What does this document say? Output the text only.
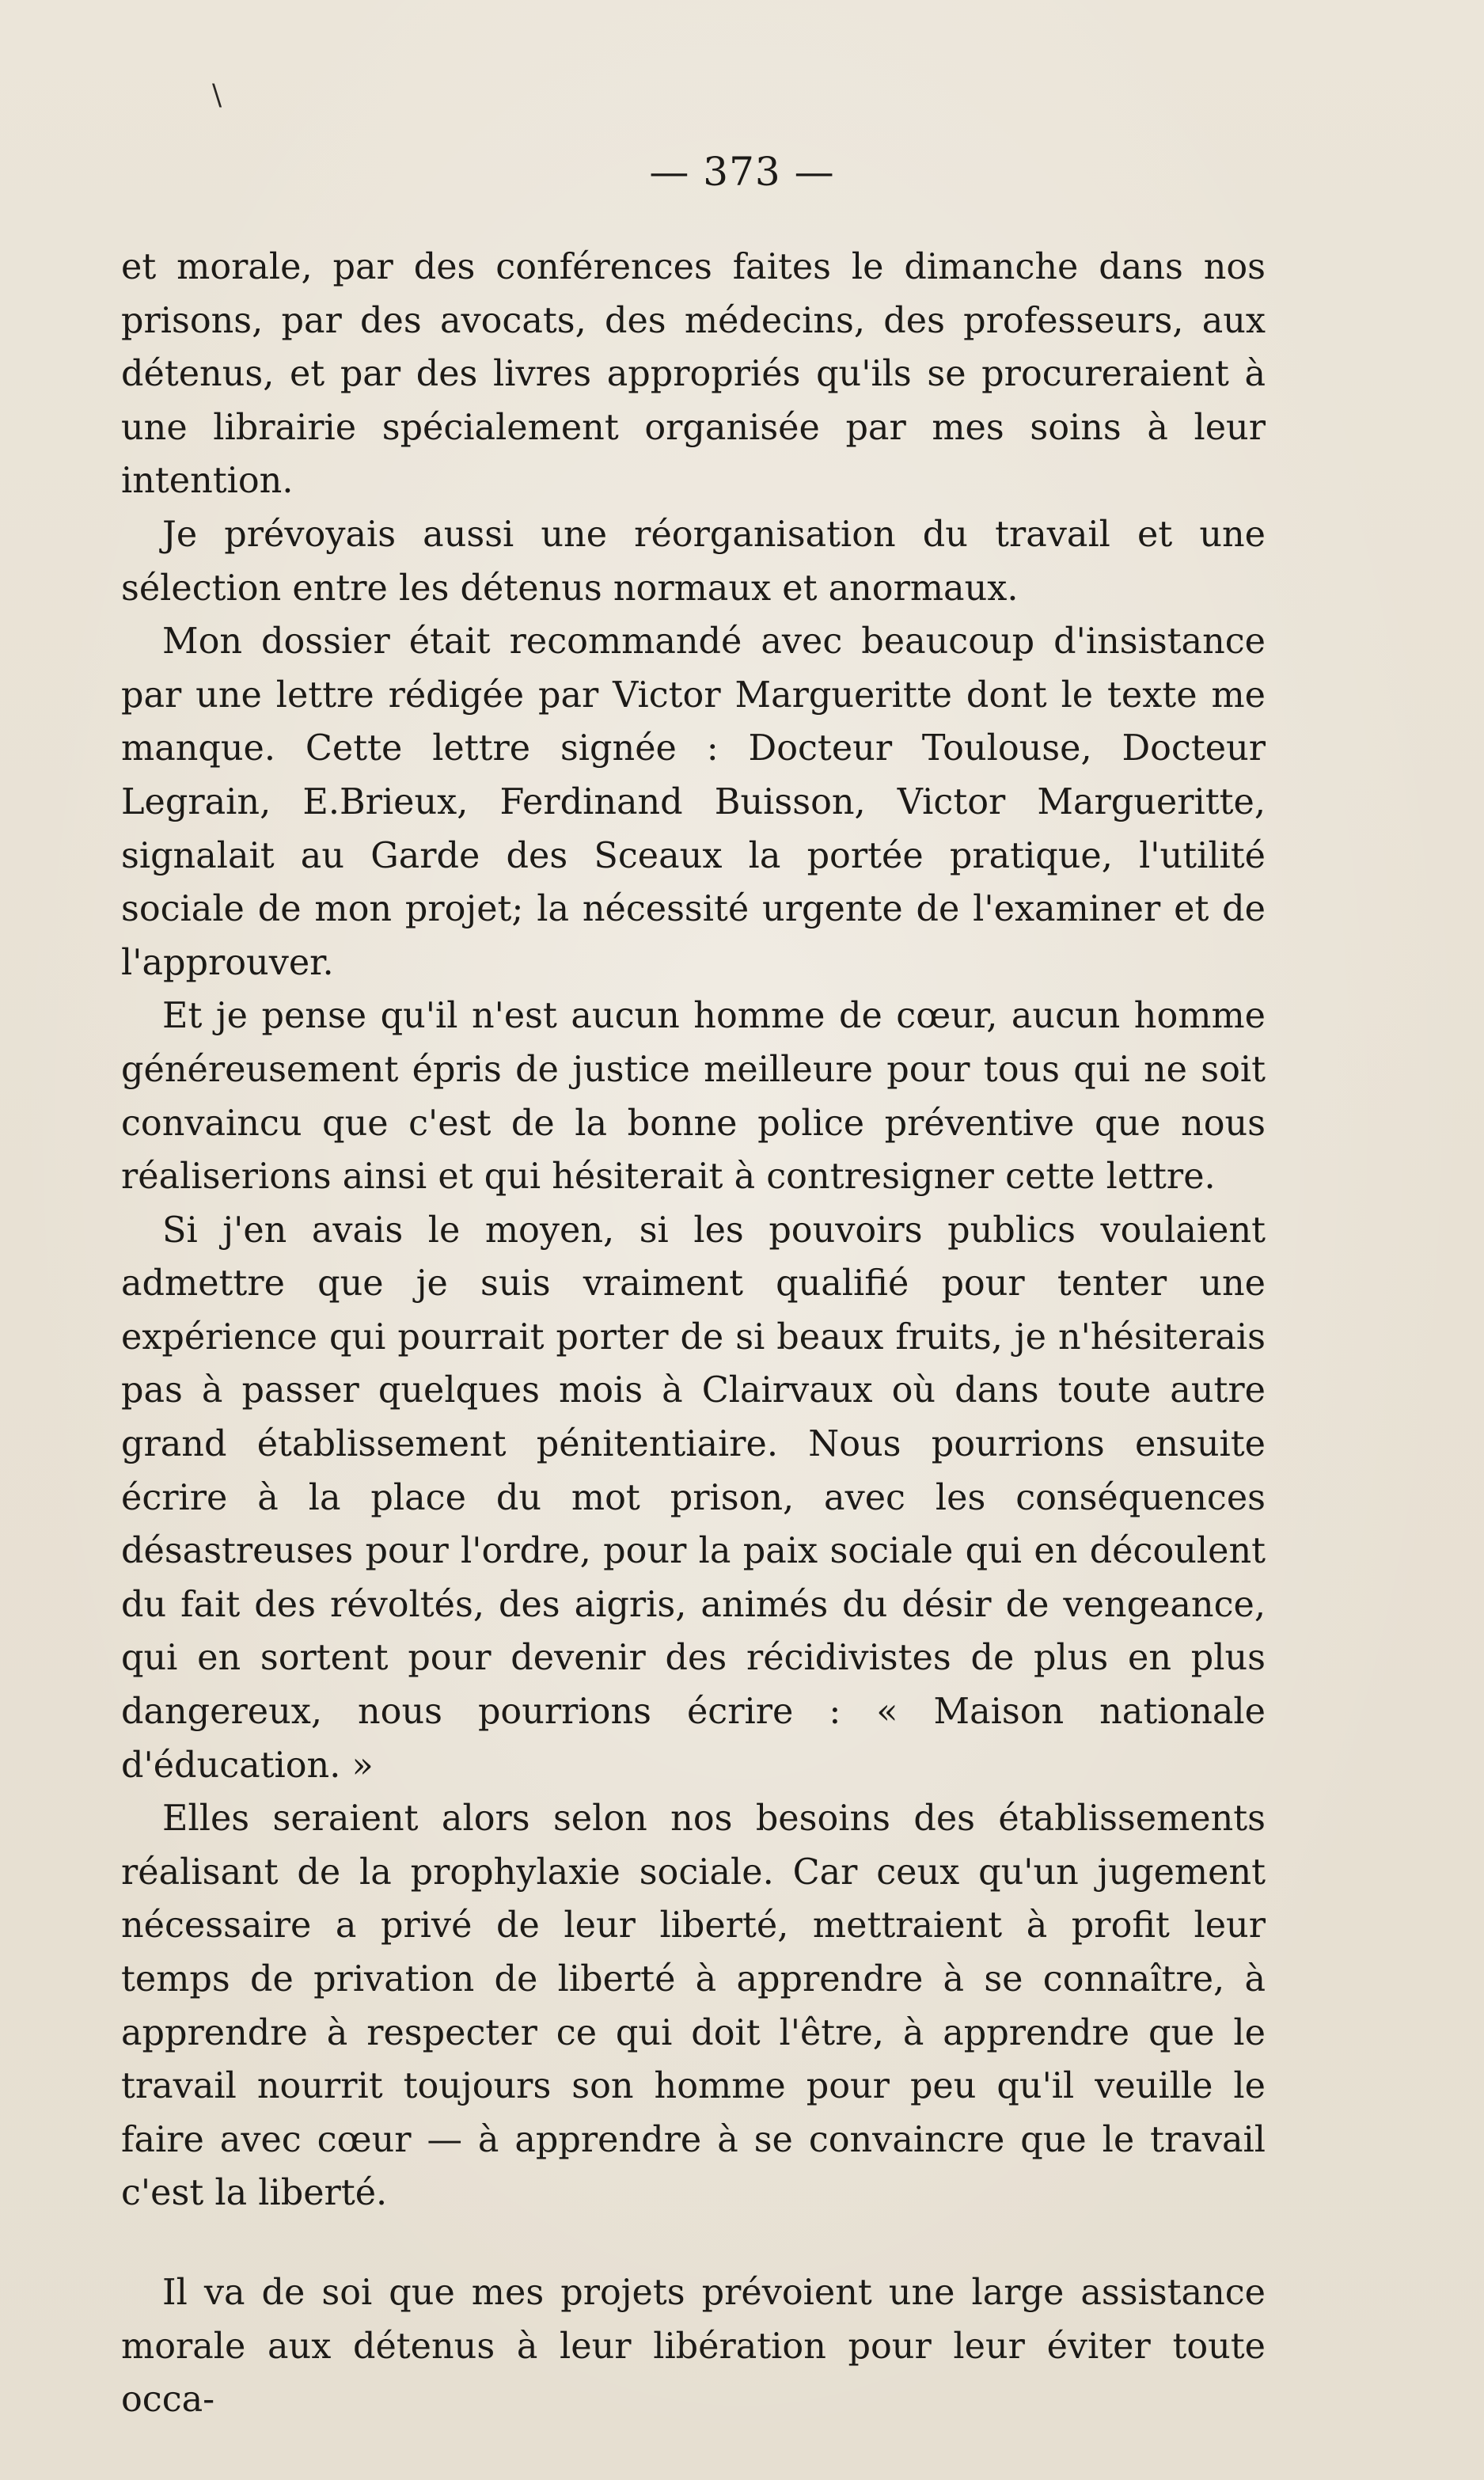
\
— 373 —

et morale, par des conférences faites le dimanche dans nos prisons, par des avocats, des médecins, des professeurs, aux détenus, et par des livres appropriés qu'ils se procureraient à une librairie spécialement organisée par mes soins à leur intention.

Je prévoyais aussi une réorganisation du travail et une sélection entre les détenus normaux et anormaux.

Mon dossier était recommandé avec beaucoup d'insistance par une lettre rédigée par Victor Margueritte dont le texte me manque. Cette lettre signée : Docteur Toulouse, Docteur Legrain, E.Brieux, Ferdinand Buisson, Victor Margueritte, signalait au Garde des Sceaux la portée pratique, l'utilité sociale de mon projet; la nécessité urgente de l'examiner et de l'approuver.

Et je pense qu'il n'est aucun homme de cœur, aucun homme généreusement épris de justice meilleure pour tous qui ne soit convaincu que c'est de la bonne police préventive que nous réaliserions ainsi et qui hésiterait à contresigner cette lettre.

Si j'en avais le moyen, si les pouvoirs publics voulaient admettre que je suis vraiment qualifié pour tenter une expérience qui pourrait porter de si beaux fruits, je n'hésiterais pas à passer quelques mois à Clairvaux où dans toute autre grand établissement pénitentiaire. Nous pourrions ensuite écrire à la place du mot prison, avec les conséquences désastreuses pour l'ordre, pour la paix sociale qui en découlent du fait des révoltés, des aigris, animés du désir de vengeance, qui en sortent pour devenir des récidivistes de plus en plus dangereux, nous pourrions écrire : « Maison nationale d'éducation. »

Elles seraient alors selon nos besoins des établissements réalisant de la prophylaxie sociale. Car ceux qu'un jugement nécessaire a privé de leur liberté, mettraient à profit leur temps de privation de liberté à apprendre à se connaître, à apprendre à respecter ce qui doit l'être, à apprendre que le travail nourrit toujours son homme pour peu qu'il veuille le faire avec cœur — à apprendre à se convaincre que le travail c'est la liberté.

Il va de soi que mes projets prévoient une large assistance morale aux détenus à leur libération pour leur éviter toute occa-
